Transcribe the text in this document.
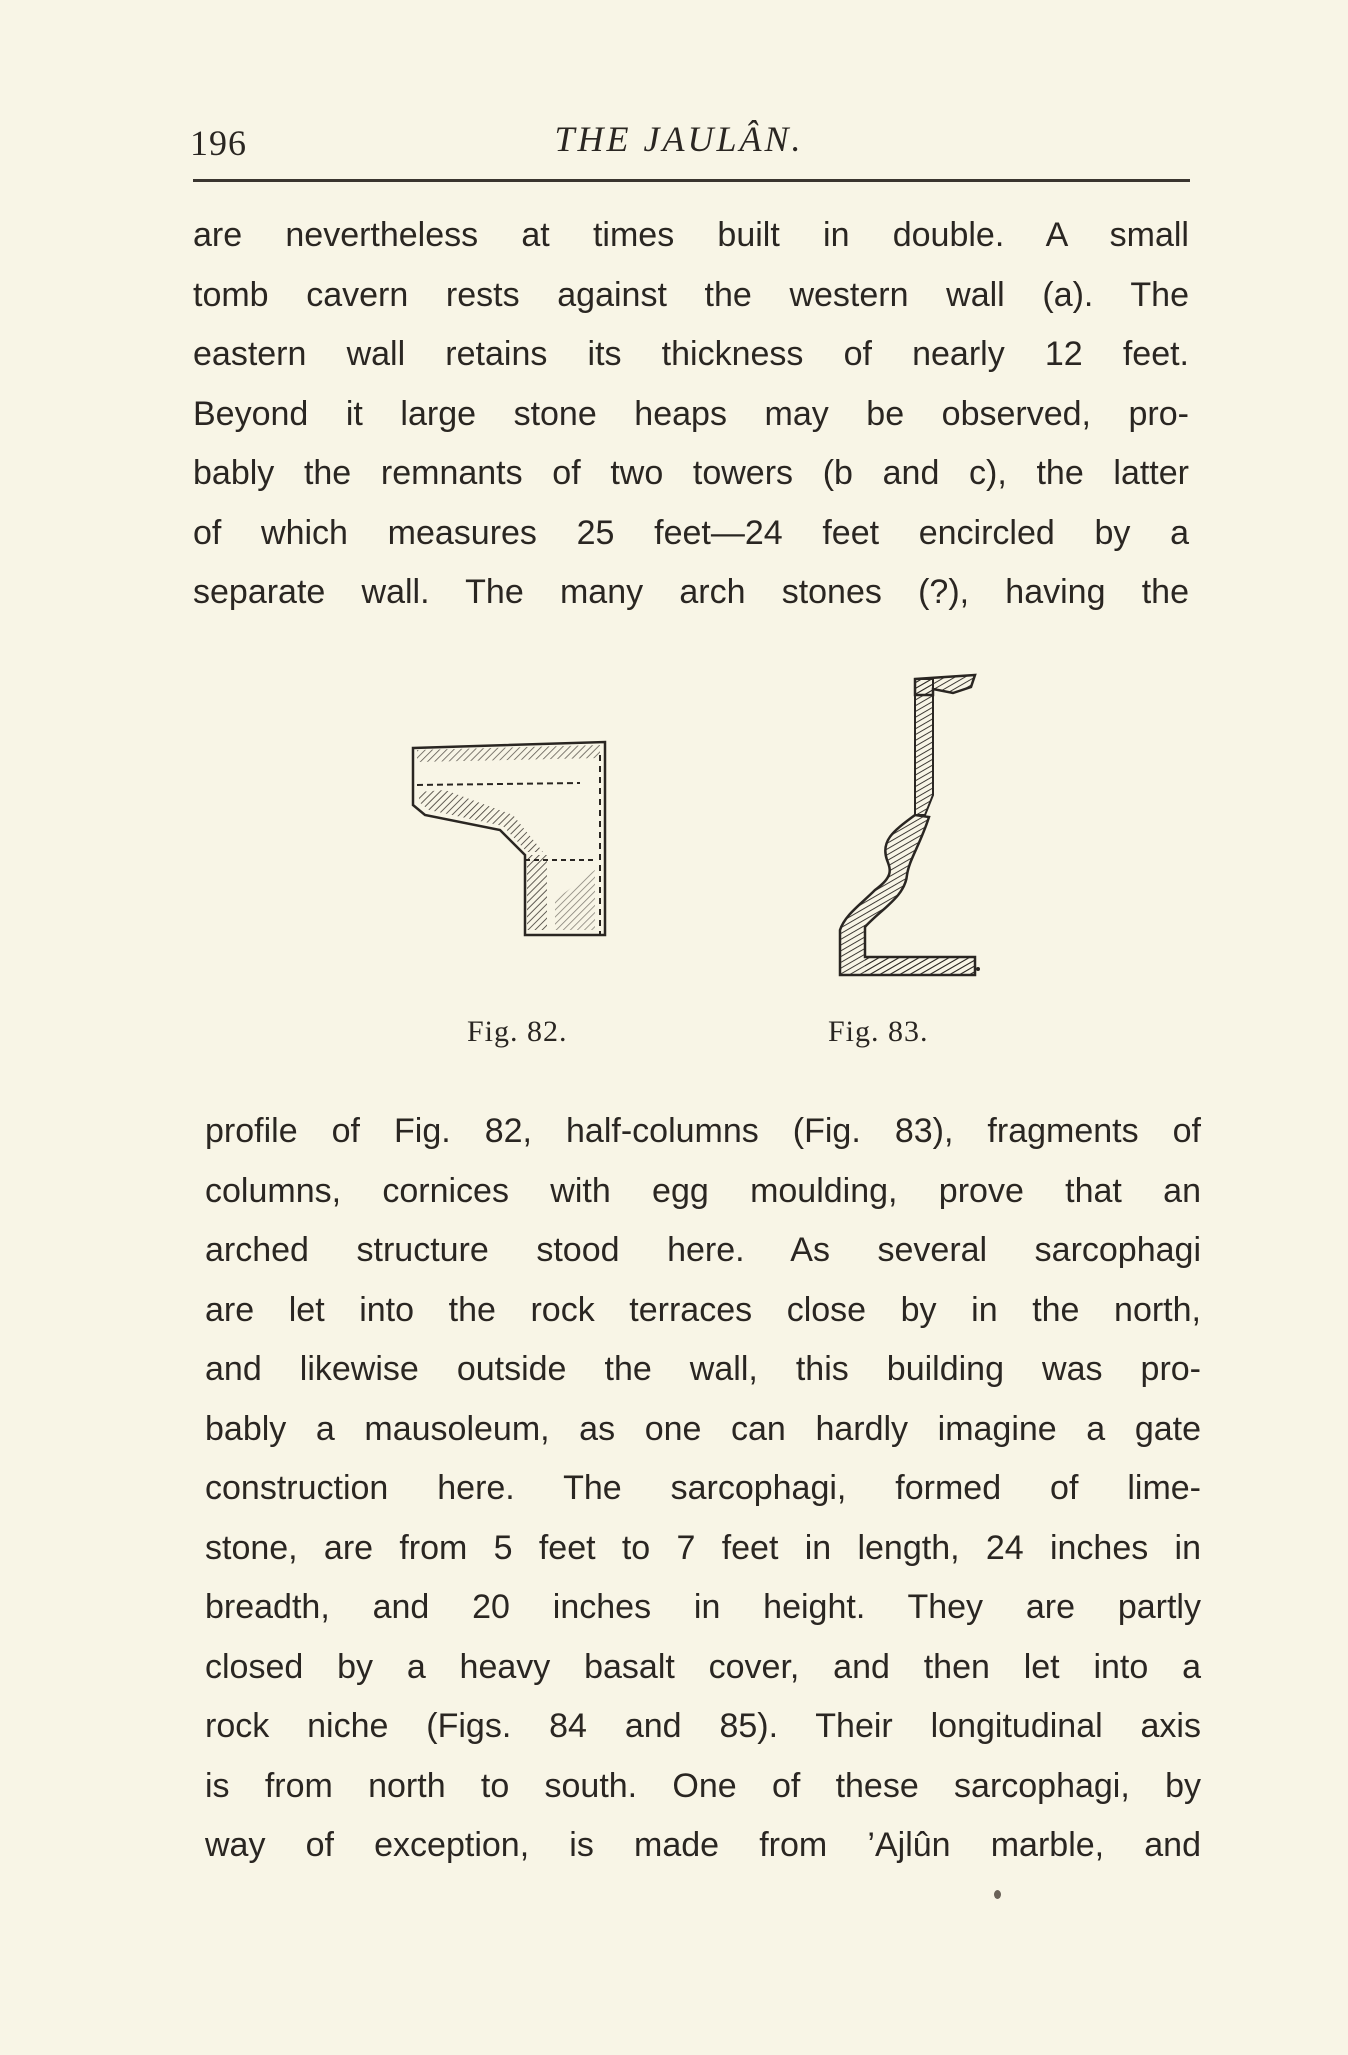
196	THE JAULÂN.
are nevertheless at times built in double. A small
tomb cavern rests against the western wall (a). The
eastern wall retains its thickness of nearly 12 feet.
Beyond it large stone heaps may be observed, pro-
bably the remnants of two towers (b and c), the latter
of which measures 25 feet—24 feet encircled by a
separate wall. The many arch stones (?), having the
Fig. 82.	Fig. 83.
profile of Fig. 82, half-columns (Fig. 83), fragments of
columns, cornices with egg moulding, prove that an
arched structure stood here. As several sarcophagi
are let into the rock terraces close by in the north,
and likewise outside the wall, this building was pro-
bably a mausoleum, as one can hardly imagine a gate
construction here. The sarcophagi, formed of lime-
stone, are from 5 feet to 7 feet in length, 24 inches in
breadth, and 20 inches in height. They are partly
closed by a heavy basalt cover, and then let into a
rock niche (Figs. 84 and 85). Their longitudinal axis
is from north to south. One of these sarcophagi, by
way of exception, is made from ’Ajlûn marble, and
